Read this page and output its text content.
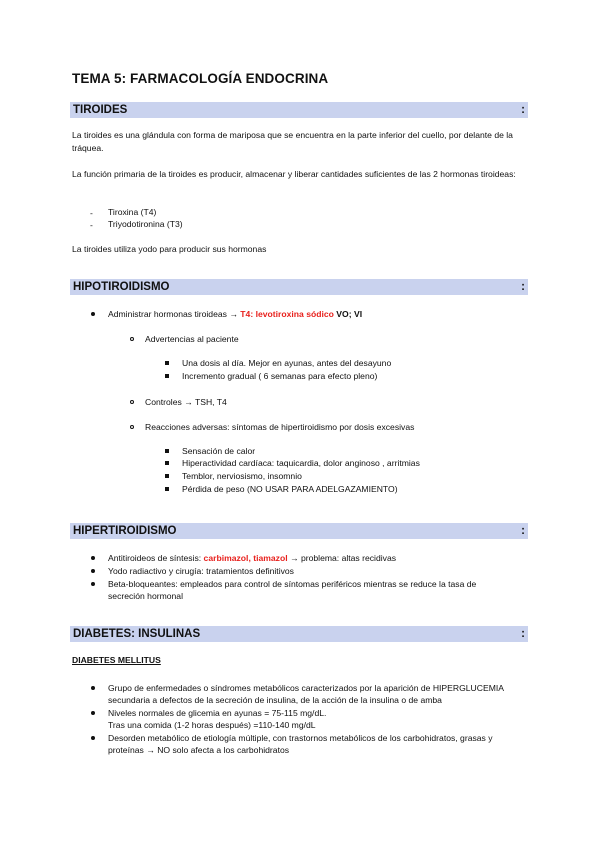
TEMA 5: FARMACOLOGÍA ENDOCRINA
TIROIDES	:
La tiroides es una glándula con forma de mariposa que se encuentra en la parte inferior del cuello, por delante de la tráquea.
La función primaria de la tiroides es producir, almacenar y liberar cantidades suficientes de las 2 hormonas tiroideas:
- Tiroxina (T4)
- Triyodotironina (T3)
La tiroides utiliza yodo para producir sus hormonas
HIPOTIROIDISMO	:
Administrar hormonas tiroideas → T4: levotiroxina sódico VO; VI
Advertencias al paciente
Una dosis al día. Mejor en ayunas, antes del desayuno
Incremento gradual ( 6 semanas para efecto pleno)
Controles → TSH, T4
Reacciones adversas: síntomas de hipertiroidismo por dosis excesivas
Sensación de calor
Hiperactividad cardíaca: taquicardia, dolor anginoso , arritmias
Temblor, nerviosismo, insomnio
Pérdida de peso (NO USAR PARA ADELGAZAMIENTO)
HIPERTIROIDISMO	:
Antitiroideos de síntesis: carbimazol, tiamazol → problema: altas recidivas
Yodo radiactivo y cirugía: tratamientos definitivos
Beta-bloqueantes: empleados para control de síntomas periféricos mientras se reduce la tasa de
secreción hormonal
DIABETES: INSULINAS	:
DIABETES MELLITUS
Grupo de enfermedades o síndromes metabólicos caracterizados por la aparición de HIPERGLUCEMIA
secundaria a defectos de la secreción de insulina, de la acción de la insulina o de amba
Niveles normales de glicemia en ayunas = 75-115 mg/dL.
Tras una comida (1-2 horas después) =110-140 mg/dL
Desorden metabólico de etiología múltiple, con trastornos metabólicos de los carbohidratos, grasas y
proteínas → NO solo afecta a los carbohidratos
